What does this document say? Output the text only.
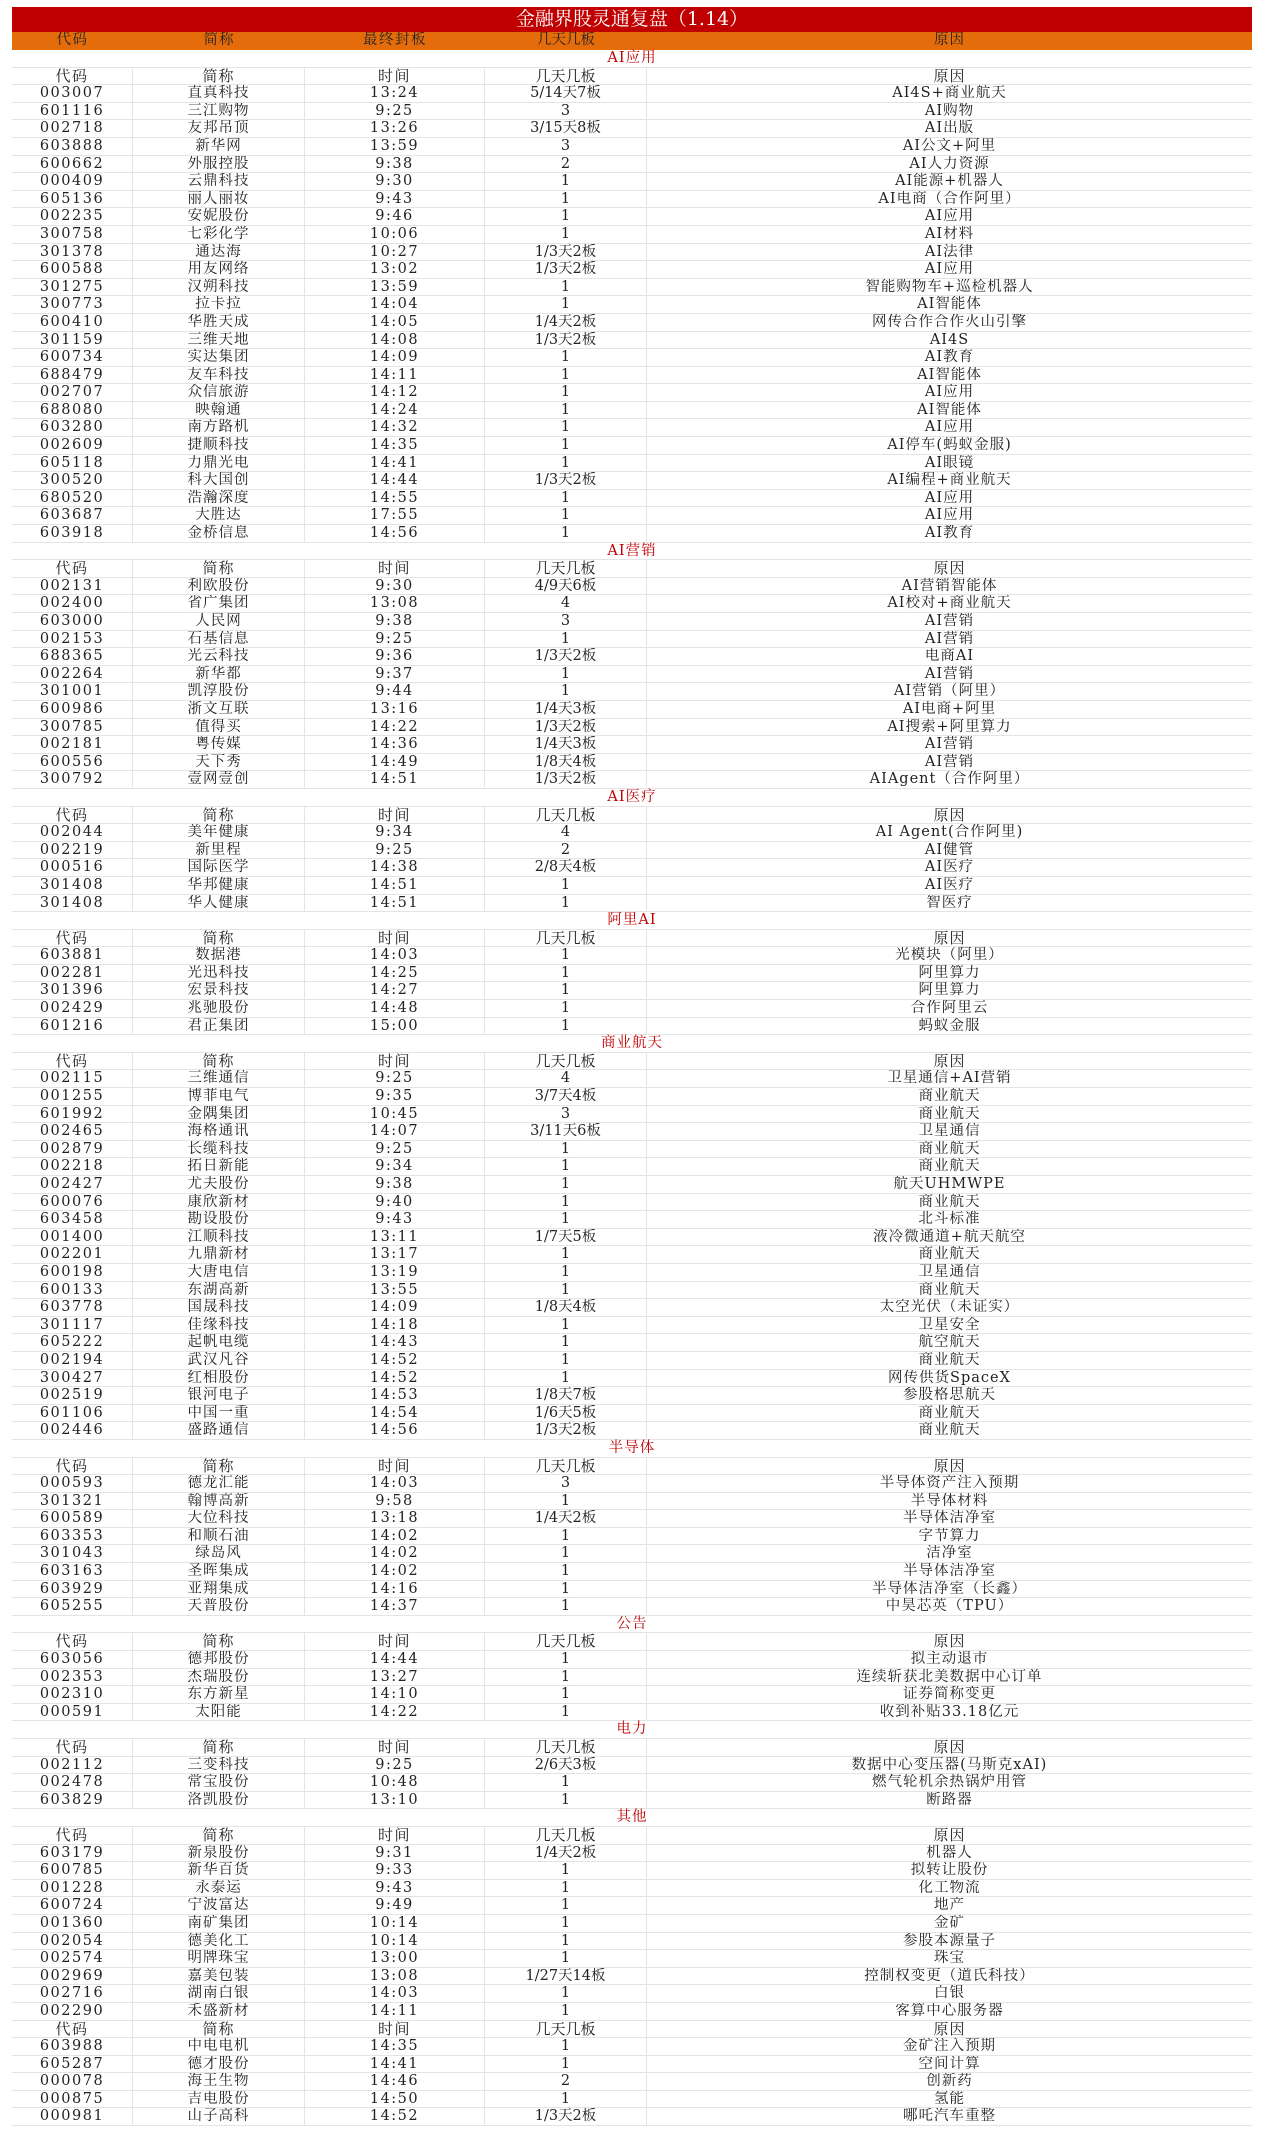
金融界股灵通复盘（1.14）
代码	简称	最终封板	几天几板	原因
AI应用
代码	简称	时间	几天几板	原因
003007	直真科技	13:24	5/14天7板	AI4S+商业航天
601116	三江购物	9:25	3	AI购物
002718	友邦吊顶	13:26	3/15天8板	AI出版
603888	新华网	13:59	3	AI公文+阿里
600662	外服控股	9:38	2	AI人力资源
000409	云鼎科技	9:30	1	AI能源+机器人
605136	丽人丽妆	9:43	1	AI电商（合作阿里）
002235	安妮股份	9:46	1	AI应用
300758	七彩化学	10:06	1	AI材料
301378	通达海	10:27	1/3天2板	AI法律
600588	用友网络	13:02	1/3天2板	AI应用
301275	汉朔科技	13:59	1	智能购物车+巡检机器人
300773	拉卡拉	14:04	1	AI智能体
600410	华胜天成	14:05	1/4天2板	网传合作合作火山引擎
301159	三维天地	14:08	1/3天2板	AI4S
600734	实达集团	14:09	1	AI教育
688479	友车科技	14:11	1	AI智能体
002707	众信旅游	14:12	1	AI应用
688080	映翰通	14:24	1	AI智能体
603280	南方路机	14:32	1	AI应用
002609	捷顺科技	14:35	1	AI停车(蚂蚁金服)
605118	力鼎光电	14:41	1	AI眼镜
300520	科大国创	14:44	1/3天2板	AI编程+商业航天
680520	浩瀚深度	14:55	1	AI应用
603687	大胜达	17:55	1	AI应用
603918	金桥信息	14:56	1	AI教育
AI营销
代码	简称	时间	几天几板	原因
002131	利欧股份	9:30	4/9天6板	AI营销智能体
002400	省广集团	13:08	4	AI校对+商业航天
603000	人民网	9:38	3	AI营销
002153	石基信息	9:25	1	AI营销
688365	光云科技	9:36	1/3天2板	电商AI
002264	新华都	9:37	1	AI营销
301001	凯淳股份	9:44	1	AI营销（阿里）
600986	浙文互联	13:16	1/4天3板	AI电商+阿里
300785	值得买	14:22	1/3天2板	AI搜索+阿里算力
002181	粤传媒	14:36	1/4天3板	AI营销
600556	天下秀	14:49	1/8天4板	AI营销
300792	壹网壹创	14:51	1/3天2板	AIAgent（合作阿里）
AI医疗
代码	简称	时间	几天几板	原因
002044	美年健康	9:34	4	AI Agent(合作阿里)
002219	新里程	9:25	2	AI健管
000516	国际医学	14:38	2/8天4板	AI医疗
301408	华邦健康	14:51	1	AI医疗
301408	华人健康	14:51	1	智医疗
阿里AI
代码	简称	时间	几天几板	原因
603881	数据港	14:03	1	光模块（阿里）
002281	光迅科技	14:25	1	阿里算力
301396	宏景科技	14:27	1	阿里算力
002429	兆驰股份	14:48	1	合作阿里云
601216	君正集团	15:00	1	蚂蚁金服
商业航天
代码	简称	时间	几天几板	原因
002115	三维通信	9:25	4	卫星通信+AI营销
001255	博菲电气	9:35	3/7天4板	商业航天
601992	金隅集团	10:45	3	商业航天
002465	海格通讯	14:07	3/11天6板	卫星通信
002879	长缆科技	9:25	1	商业航天
002218	拓日新能	9:34	1	商业航天
002427	尤夫股份	9:38	1	航天UHMWPE
600076	康欣新材	9:40	1	商业航天
603458	勘设股份	9:43	1	北斗标准
001400	江顺科技	13:11	1/7天5板	液冷微通道+航天航空
002201	九鼎新材	13:17	1	商业航天
600198	大唐电信	13:19	1	卫星通信
600133	东湖高新	13:55	1	商业航天
603778	国晟科技	14:09	1/8天4板	太空光伏（未证实）
301117	佳缘科技	14:18	1	卫星安全
605222	起帆电缆	14:43	1	航空航天
002194	武汉凡谷	14:52	1	商业航天
300427	红相股份	14:52	1	网传供货SpaceX
002519	银河电子	14:53	1/8天7板	参股格思航天
601106	中国一重	14:54	1/6天5板	商业航天
002446	盛路通信	14:56	1/3天2板	商业航天
半导体
代码	简称	时间	几天几板	原因
000593	德龙汇能	14:03	3	半导体资产注入预期
301321	翰博高新	9:58	1	半导体材料
600589	大位科技	13:18	1/4天2板	半导体洁净室
603353	和顺石油	14:02	1	字节算力
301043	绿岛风	14:02	1	洁净室
603163	圣晖集成	14:02	1	半导体洁净室
603929	亚翔集成	14:16	1	半导体洁净室（长鑫）
605255	天普股份	14:37	1	中昊芯英（TPU）
公告
代码	简称	时间	几天几板	原因
603056	德邦股份	14:44	1	拟主动退市
002353	杰瑞股份	13:27	1	连续斩获北美数据中心订单
002310	东方新星	14:10	1	证券简称变更
000591	太阳能	14:22	1	收到补贴33.18亿元
电力
代码	简称	时间	几天几板	原因
002112	三变科技	9:25	2/6天3板	数据中心变压器(马斯克xAI)
002478	常宝股份	10:48	1	燃气轮机余热锅炉用管
603829	洛凯股份	13:10	1	断路器
其他
代码	简称	时间	几天几板	原因
603179	新泉股份	9:31	1/4天2板	机器人
600785	新华百货	9:33	1	拟转让股份
001228	永泰运	9:43	1	化工物流
600724	宁波富达	9:49	1	地产
001360	南矿集团	10:14	1	金矿
002054	德美化工	10:14	1	参股本源量子
002574	明牌珠宝	13:00	1	珠宝
002969	嘉美包装	13:08	1/27天14板	控制权变更（道氏科技）
002716	湖南白银	14:03	1	白银
002290	禾盛新材	14:11	1	客算中心服务器
代码	简称	时间	几天几板	原因
603988	中电电机	14:35	1	金矿注入预期
605287	德才股份	14:41	1	空间计算
000078	海王生物	14:46	2	创新药
000875	吉电股份	14:50	1	氢能
000981	山子高科	14:52	1/3天2板	哪吒汽车重整
